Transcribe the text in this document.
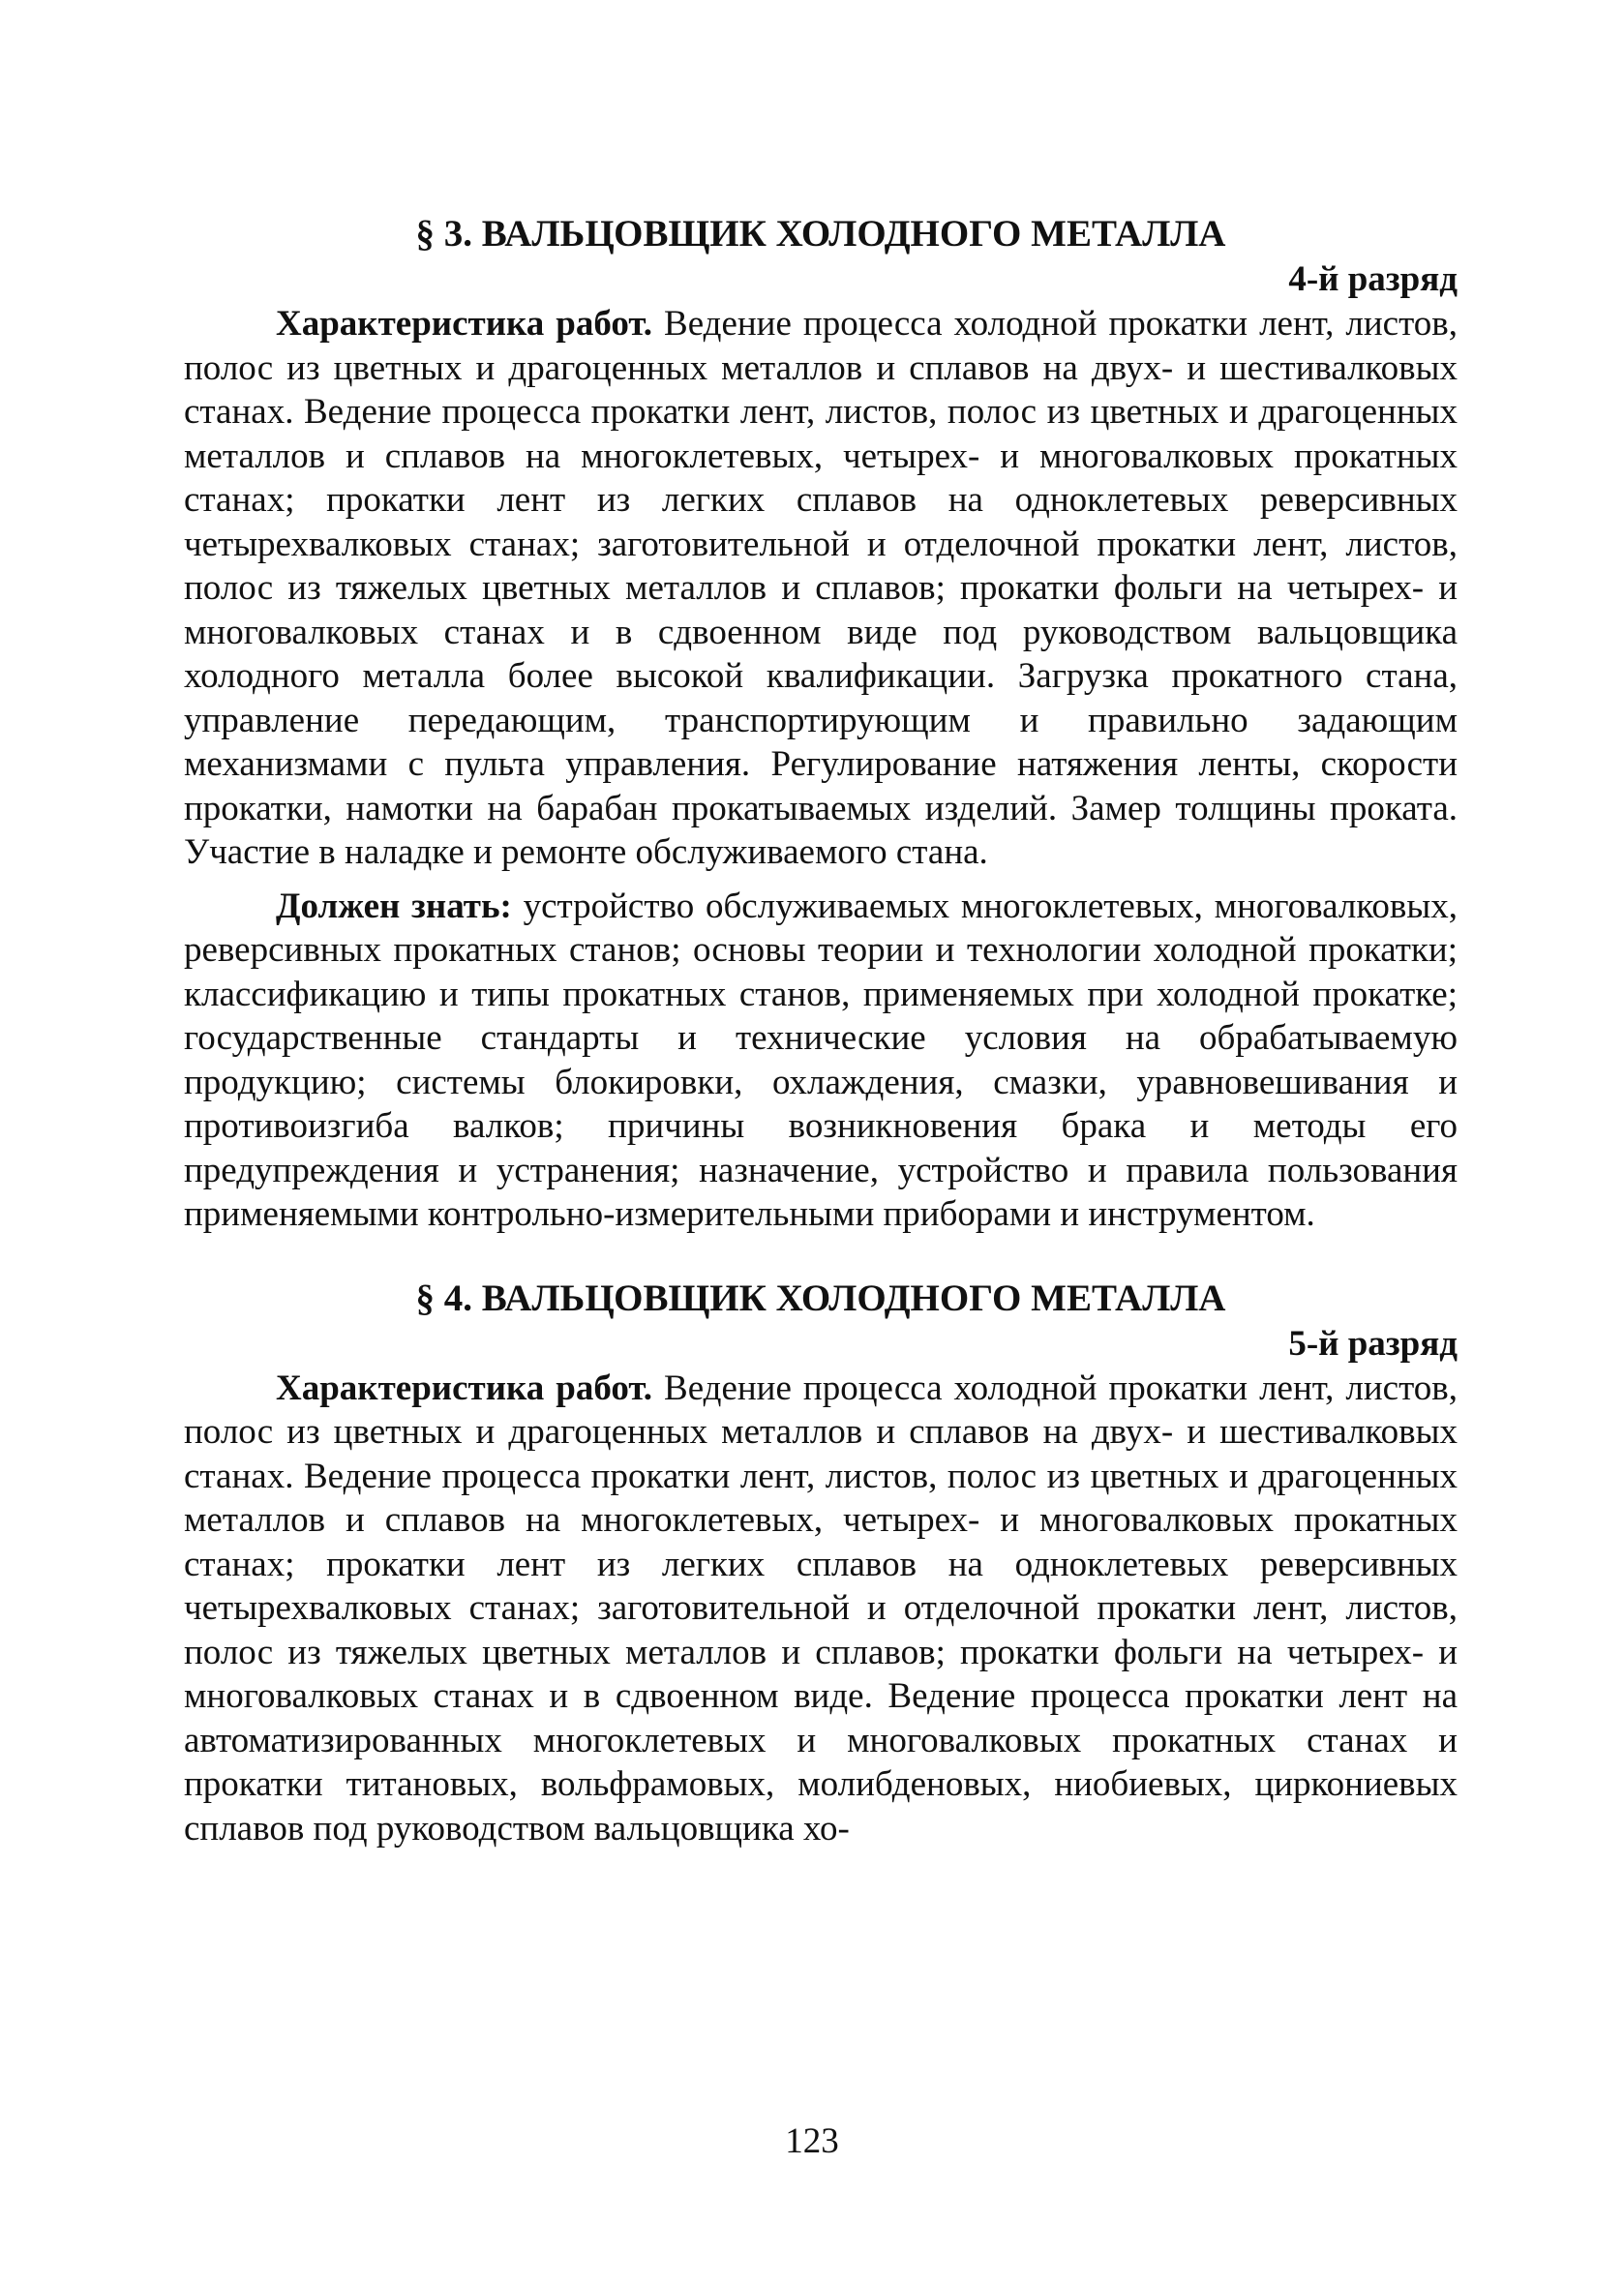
§ 3. ВАЛЬЦОВЩИК ХОЛОДНОГО МЕТАЛЛА

4-й разряд

Характеристика работ. Ведение процесса холодной прокатки лент, листов, полос из цветных и драгоценных металлов и сплавов на двух- и шестивалковых станах. Ведение процесса прокатки лент, листов, полос из цветных и драгоценных металлов и сплавов на многоклетевых, четырех- и многовалковых прокатных станах; прокатки лент из легких сплавов на одноклетевых реверсивных четырехвалковых станах; заготовительной и отделочной прокатки лент, листов, полос из тяжелых цветных металлов и сплавов; прокатки фольги на четырех- и многовалковых станах и в сдвоенном виде под руководством вальцовщика холодного металла более высокой квалификации. Загрузка прокатного стана, управление передающим, транспортирующим и правильно задающим механизмами с пульта управления. Регулирование натяжения ленты, скорости прокатки, намотки на барабан прокатываемых изделий. Замер толщины проката. Участие в наладке и ремонте обслуживаемого стана.

Должен знать: устройство обслуживаемых многоклетевых, многовалковых, реверсивных прокатных станов; основы теории и технологии холодной прокатки; классификацию и типы прокатных станов, применяемых при холодной прокатке; государственные стандарты и технические условия на обрабатываемую продукцию; системы блокировки, охлаждения, смазки, уравновешивания и противоизгиба валков; причины возникновения брака и методы его предупреждения и устранения; назначение, устройство и правила пользования применяемыми контрольно-измерительными приборами и инструментом.

§ 4. ВАЛЬЦОВЩИК ХОЛОДНОГО МЕТАЛЛА

5-й разряд

Характеристика работ. Ведение процесса холодной прокатки лент, листов, полос из цветных и драгоценных металлов и сплавов на двух- и шестивалковых станах. Ведение процесса прокатки лент, листов, полос из цветных и драгоценных металлов и сплавов на многоклетевых, четырех- и многовалковых прокатных станах; прокатки лент из легких сплавов на одноклетевых реверсивных четырехвалковых станах; заготовительной и отделочной прокатки лент, листов, полос из тяжелых цветных металлов и сплавов; прокатки фольги на четырех- и многовалковых станах и в сдвоенном виде. Ведение процесса прокатки лент на автоматизированных многоклетевых и многовалковых прокатных станах и прокатки титановых, вольфрамовых, молибденовых, ниобиевых, циркониевых сплавов под руководством вальцовщика хо-

123
